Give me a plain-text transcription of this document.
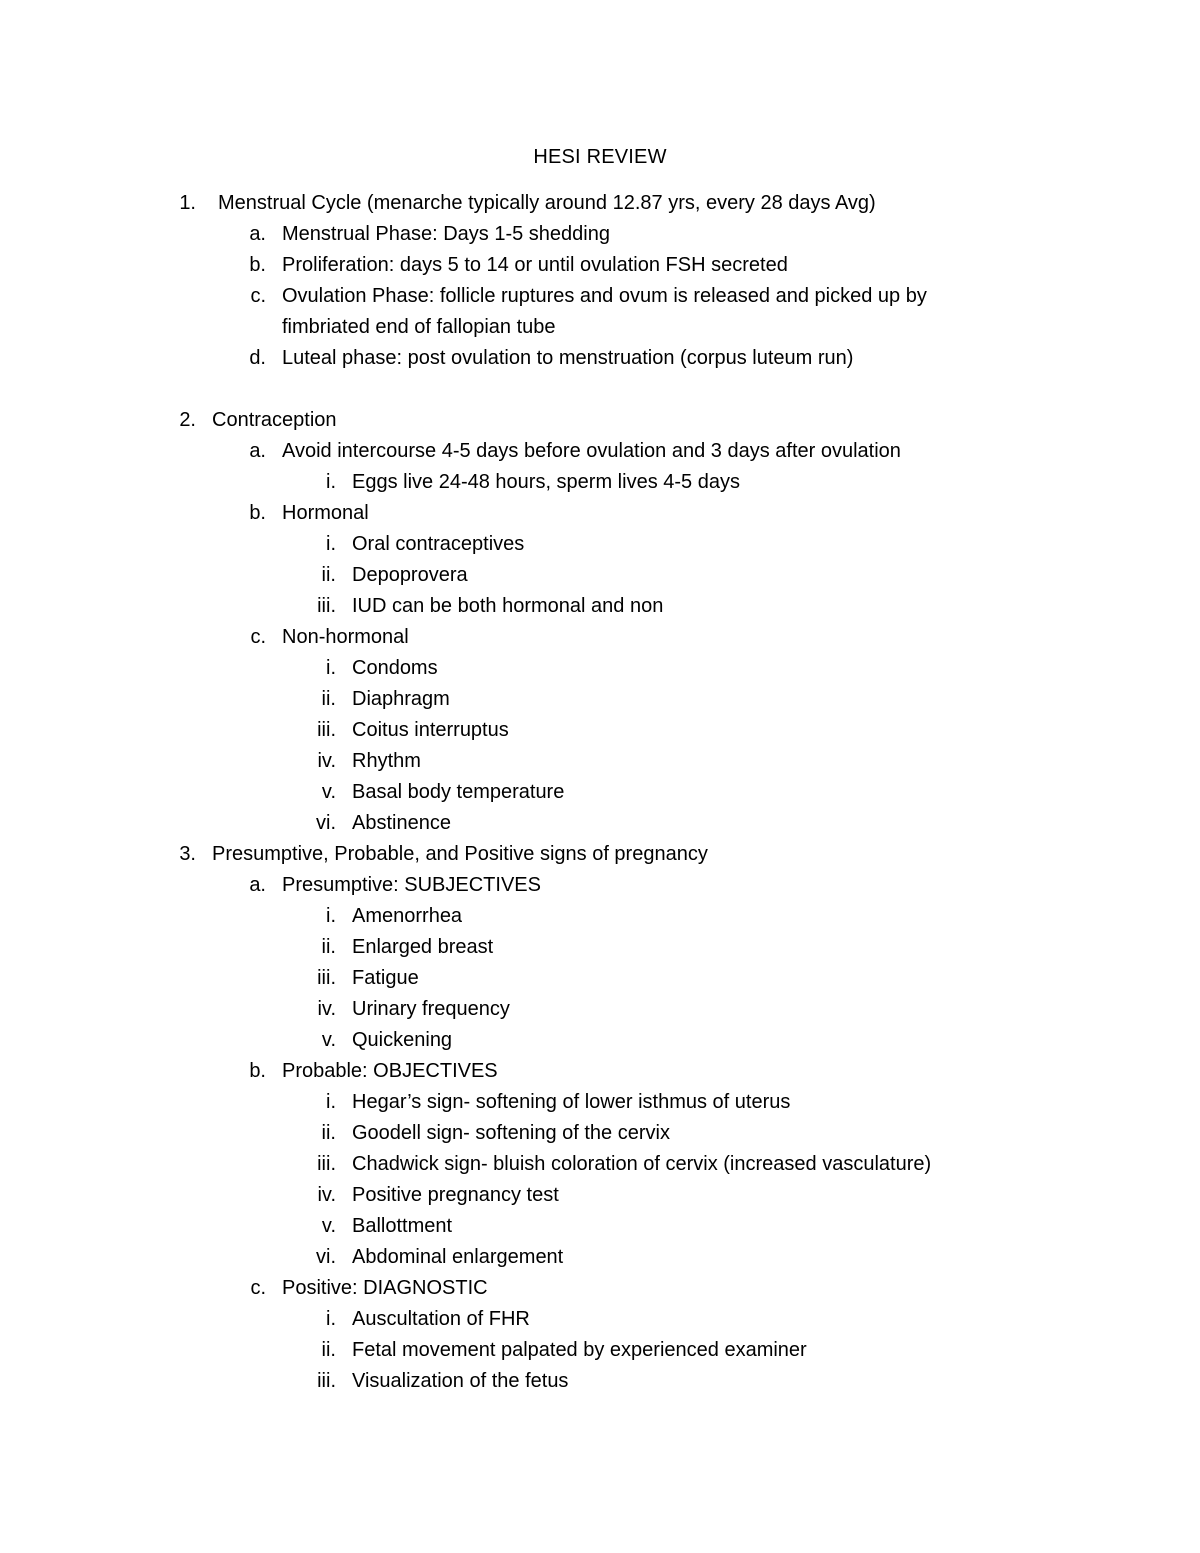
HESI REVIEW
1. Menstrual Cycle (menarche typically around 12.87 yrs, every 28 days Avg)
a. Menstrual Phase: Days 1-5 shedding
b. Proliferation: days 5 to 14 or until ovulation FSH secreted
c. Ovulation Phase: follicle ruptures and ovum is released and picked up by
fimbriated end of fallopian tube
d. Luteal phase: post ovulation to menstruation (corpus luteum run)
2. Contraception
a. Avoid intercourse 4-5 days before ovulation and 3 days after ovulation
i. Eggs live 24-48 hours, sperm lives 4-5 days
b. Hormonal
i. Oral contraceptives
ii. Depoprovera
iii. IUD can be both hormonal and non
c. Non-hormonal
i. Condoms
ii. Diaphragm
iii. Coitus interruptus
iv. Rhythm
v. Basal body temperature
vi. Abstinence
3. Presumptive, Probable, and Positive signs of pregnancy
a. Presumptive: SUBJECTIVES
i. Amenorrhea
ii. Enlarged breast
iii. Fatigue
iv. Urinary frequency
v. Quickening
b. Probable: OBJECTIVES
i. Hegar’s sign- softening of lower isthmus of uterus
ii. Goodell sign- softening of the cervix
iii. Chadwick sign- bluish coloration of cervix (increased vasculature)
iv. Positive pregnancy test
v. Ballottment
vi. Abdominal enlargement
c. Positive: DIAGNOSTIC
i. Auscultation of FHR
ii. Fetal movement palpated by experienced examiner
iii. Visualization of the fetus
